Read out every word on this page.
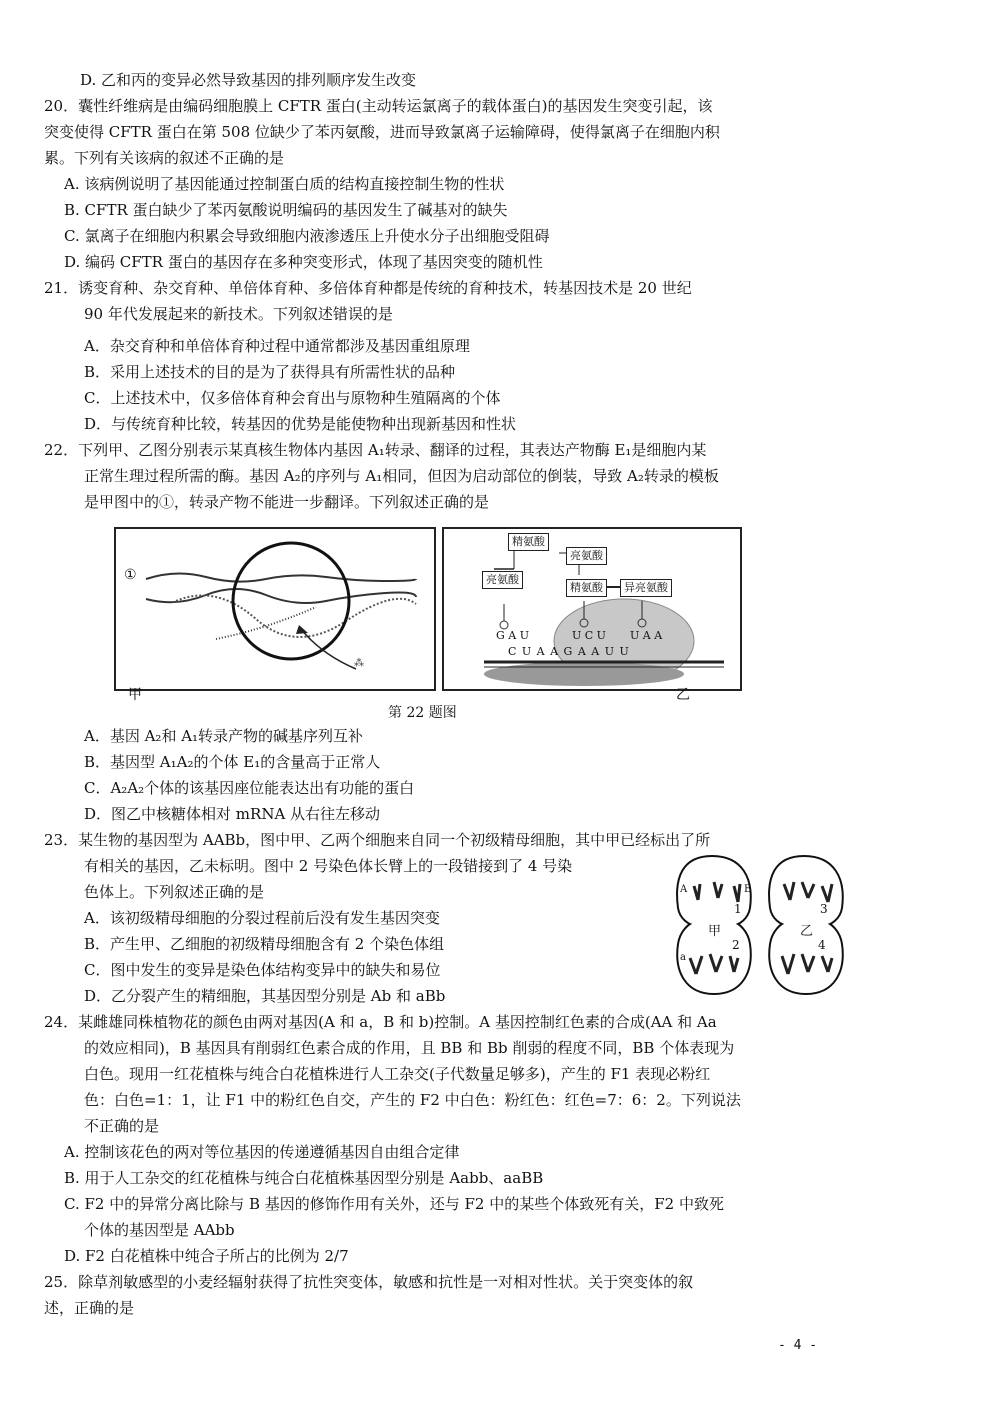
D. 乙和丙的变异必然导致基因的排列顺序发生改变
20．囊性纤维病是由编码细胞膜上 CFTR 蛋白(主动转运氯离子的载体蛋白)的基因发生突变引起，该
突变使得 CFTR 蛋白在第 508 位缺少了苯丙氨酸，进而导致氯离子运输障碍，使得氯离子在细胞内积
累。下列有关该病的叙述不正确的是
A. 该病例说明了基因能通过控制蛋白质的结构直接控制生物的性状
B. CFTR 蛋白缺少了苯丙氨酸说明编码的基因发生了碱基对的缺失
C. 氯离子在细胞内积累会导致细胞内液渗透压上升使水分子出细胞受阻碍
D. 编码 CFTR 蛋白的基因存在多种突变形式，体现了基因突变的随机性
21．诱变育种、杂交育种、单倍体育种、多倍体育种都是传统的育种技术，转基因技术是 20 世纪
90 年代发展起来的新技术。下列叙述错误的是
A．杂交育种和单倍体育种过程中通常都涉及基因重组原理
B．采用上述技术的目的是为了获得具有所需性状的品种
C．上述技术中，仅多倍体育种会育出与原物种生殖隔离的个体
D．与传统育种比较，转基因的优势是能使物种出现新基因和性状
22．下列甲、乙图分别表示某真核生物体内基因 A₁转录、翻译的过程，其表达产物酶 E₁是细胞内某
正常生理过程所需的酶。基因 A₂的序列与 A₁相同，但因为启动部位的倒装，导致 A₂转录的模板
是甲图中的①，转录产物不能进一步翻译。下列叙述正确的是
⁂
①
甲
精氨酸
亮氨酸
亮氨酸
精氨酸	异亮氨酸
G A U	U C U U A A
C U A A G A A U U
乙
第 22 题图
A．基因 A₂和 A₁转录产物的碱基序列互补
B．基因型 A₁A₂的个体 E₁的含量高于正常人
C．A₂A₂个体的该基因座位能表达出有功能的蛋白
D．图乙中核糖体相对 mRNA 从右往左移动
23．某生物的基因型为 AABb，图中甲、乙两个细胞来自同一个初级精母细胞，其中甲已经标出了所
有相关的基因，乙未标明。图中 2 号染色体长臂上的一段错接到了 4 号染
色体上。下列叙述正确的是
A．该初级精母细胞的分裂过程前后没有发生基因突变
B．产生甲、乙细胞的初级精母细胞含有 2 个染色体组
C．图中发生的变异是染色体结构变异中的缺失和易位
D．乙分裂产生的精细胞，其基因型分别是 Ab 和 aBb
A	B
a
1
甲
2
3
乙
4
24．某雌雄同株植物花的颜色由两对基因(A 和 a，B 和 b)控制。A 基因控制红色素的合成(AA 和 Aa
的效应相同)，B 基因具有削弱红色素合成的作用，且 BB 和 Bb 削弱的程度不同，BB 个体表现为
白色。现用一红花植株与纯合白花植株进行人工杂交(子代数量足够多)，产生的 F1 表现必粉红
色：白色=1：1，让 F1 中的粉红色自交，产生的 F2 中白色：粉红色：红色=7：6：2。下列说法
不正确的是
A. 控制该花色的两对等位基因的传递遵循基因自由组合定律
B. 用于人工杂交的红花植株与纯合白花植株基因型分别是 Aabb、aaBB
C. F2 中的异常分离比除与 B 基因的修饰作用有关外，还与 F2 中的某些个体致死有关，F2 中致死
个体的基因型是 AAbb
D. F2 白花植株中纯合子所占的比例为 2/7
25．除草剂敏感型的小麦经辐射获得了抗性突变体，敏感和抗性是一对相对性状。关于突变体的叙
述，正确的是
- 4 -
